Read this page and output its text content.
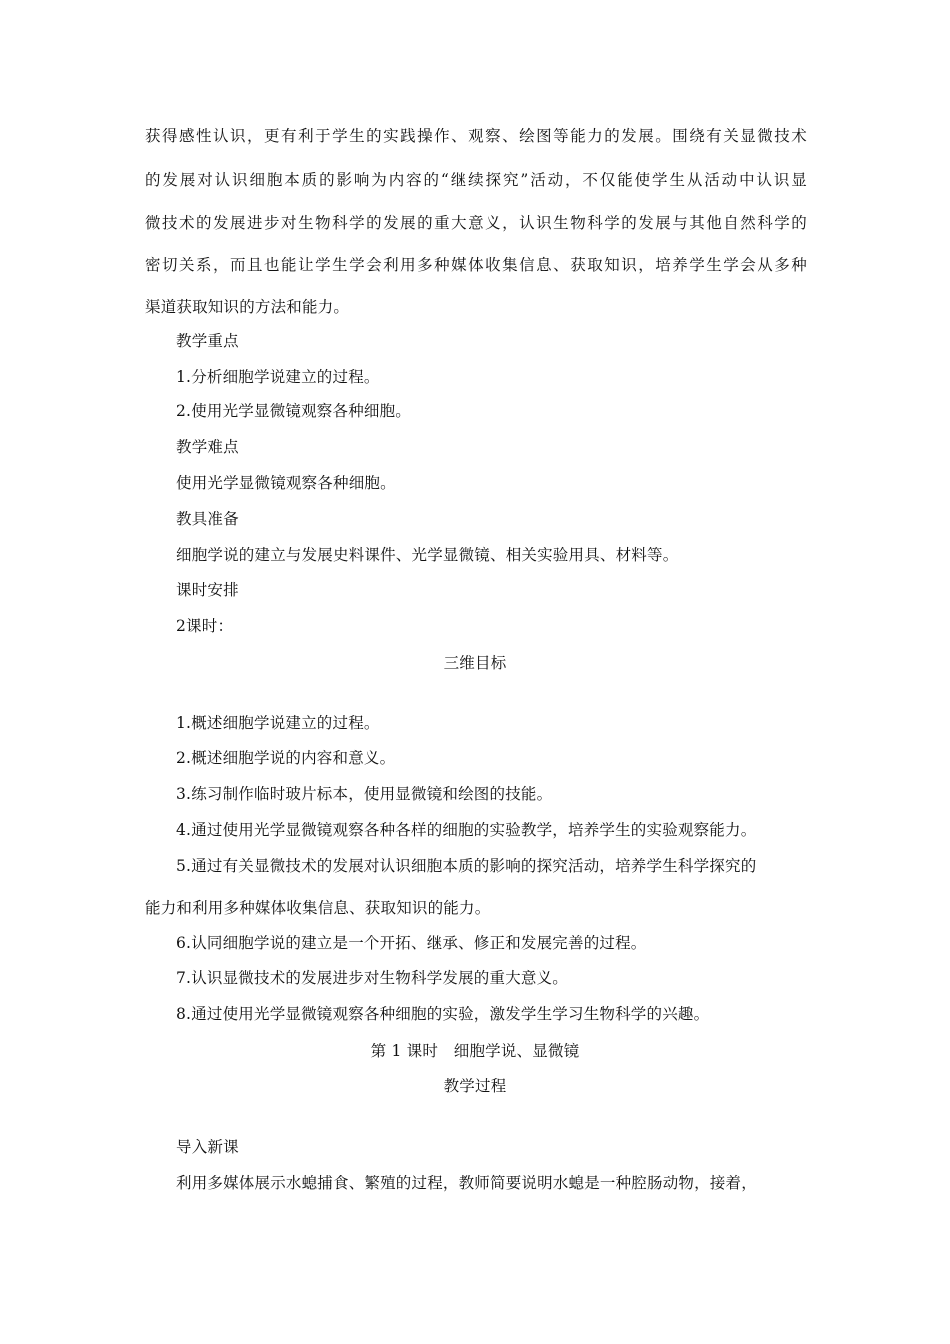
获得感性认识，更有利于学生的实践操作、观察、绘图等能力的发展。围绕有关显微技术
的发展对认识细胞本质的影响为内容的“继续探究”活动，不仅能使学生从活动中认识显
微技术的发展进步对生物科学的发展的重大意义，认识生物科学的发展与其他自然科学的
密切关系，而且也能让学生学会利用多种媒体收集信息、获取知识，培养学生学会从多种
渠道获取知识的方法和能力。
教学重点
1.分析细胞学说建立的过程。
2.使用光学显微镜观察各种细胞。
教学难点
使用光学显微镜观察各种细胞。
教具准备
细胞学说的建立与发展史料课件、光学显微镜、相关实验用具、材料等。
课时安排
2课时：
三维目标
1.概述细胞学说建立的过程。
2.概述细胞学说的内容和意义。
3.练习制作临时玻片标本，使用显微镜和绘图的技能。
4.通过使用光学显微镜观察各种各样的细胞的实验教学，培养学生的实验观察能力。
5.通过有关显微技术的发展对认识细胞本质的影响的探究活动，培养学生科学探究的
能力和利用多种媒体收集信息、获取知识的能力。
6.认同细胞学说的建立是一个开拓、继承、修正和发展完善的过程。
7.认识显微技术的发展进步对生物科学发展的重大意义。
8.通过使用光学显微镜观察各种细胞的实验，激发学生学习生物科学的兴趣。
第 1 课时　细胞学说、显微镜
教学过程
导入新课
利用多媒体展示水螅捕食、繁殖的过程，教师简要说明水螅是一种腔肠动物，接着，
